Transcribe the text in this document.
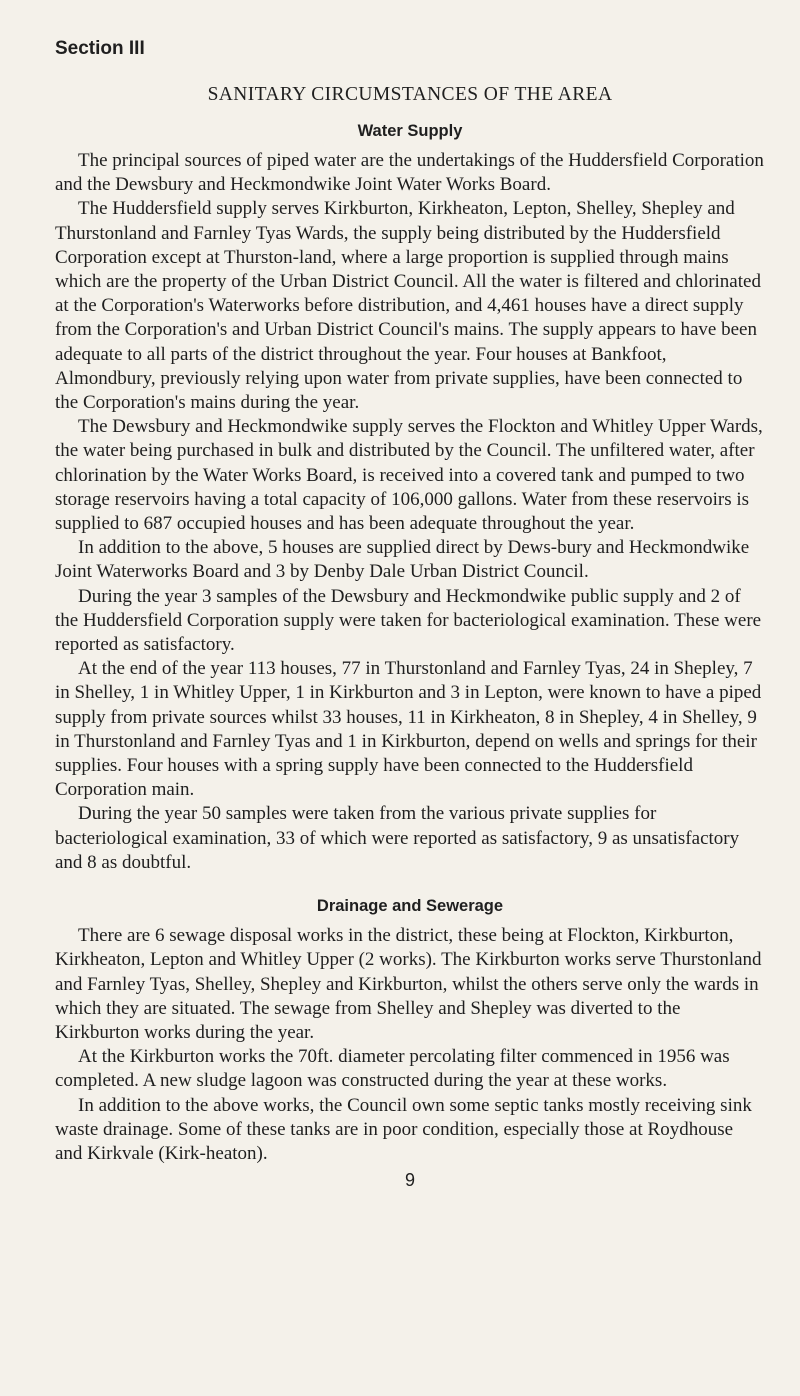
Section III
SANITARY CIRCUMSTANCES OF THE AREA
Water Supply

The principal sources of piped water are the undertakings of the Huddersfield Corporation and the Dewsbury and Heckmondwike Joint Water Works Board.

The Huddersfield supply serves Kirkburton, Kirkheaton, Lepton, Shelley, Shepley and Thurstonland and Farnley Tyas Wards, the supply being distributed by the Huddersfield Corporation except at Thurston-land, where a large proportion is supplied through mains which are the property of the Urban District Council. All the water is filtered and chlorinated at the Corporation's Waterworks before distribution, and 4,461 houses have a direct supply from the Corporation's and Urban District Council's mains. The supply appears to have been adequate to all parts of the district throughout the year. Four houses at Bankfoot, Almondbury, previously relying upon water from private supplies, have been connected to the Corporation's mains during the year.

The Dewsbury and Heckmondwike supply serves the Flockton and Whitley Upper Wards, the water being purchased in bulk and distributed by the Council. The unfiltered water, after chlorination by the Water Works Board, is received into a covered tank and pumped to two storage reservoirs having a total capacity of 106,000 gallons. Water from these reservoirs is supplied to 687 occupied houses and has been adequate throughout the year.

In addition to the above, 5 houses are supplied direct by Dews-bury and Heckmondwike Joint Waterworks Board and 3 by Denby Dale Urban District Council.

During the year 3 samples of the Dewsbury and Heckmondwike public supply and 2 of the Huddersfield Corporation supply were taken for bacteriological examination. These were reported as satisfactory.

At the end of the year 113 houses, 77 in Thurstonland and Farnley Tyas, 24 in Shepley, 7 in Shelley, 1 in Whitley Upper, 1 in Kirkburton and 3 in Lepton, were known to have a piped supply from private sources whilst 33 houses, 11 in Kirkheaton, 8 in Shepley, 4 in Shelley, 9 in Thurstonland and Farnley Tyas and 1 in Kirkburton, depend on wells and springs for their supplies. Four houses with a spring supply have been connected to the Huddersfield Corporation main.

During the year 50 samples were taken from the various private supplies for bacteriological examination, 33 of which were reported as satisfactory, 9 as unsatisfactory and 8 as doubtful.

Drainage and Sewerage

There are 6 sewage disposal works in the district, these being at Flockton, Kirkburton, Kirkheaton, Lepton and Whitley Upper (2 works). The Kirkburton works serve Thurstonland and Farnley Tyas, Shelley, Shepley and Kirkburton, whilst the others serve only the wards in which they are situated. The sewage from Shelley and Shepley was diverted to the Kirkburton works during the year.

At the Kirkburton works the 70ft. diameter percolating filter commenced in 1956 was completed. A new sludge lagoon was constructed during the year at these works.

In addition to the above works, the Council own some septic tanks mostly receiving sink waste drainage. Some of these tanks are in poor condition, especially those at Roydhouse and Kirkvale (Kirk-heaton).

9
